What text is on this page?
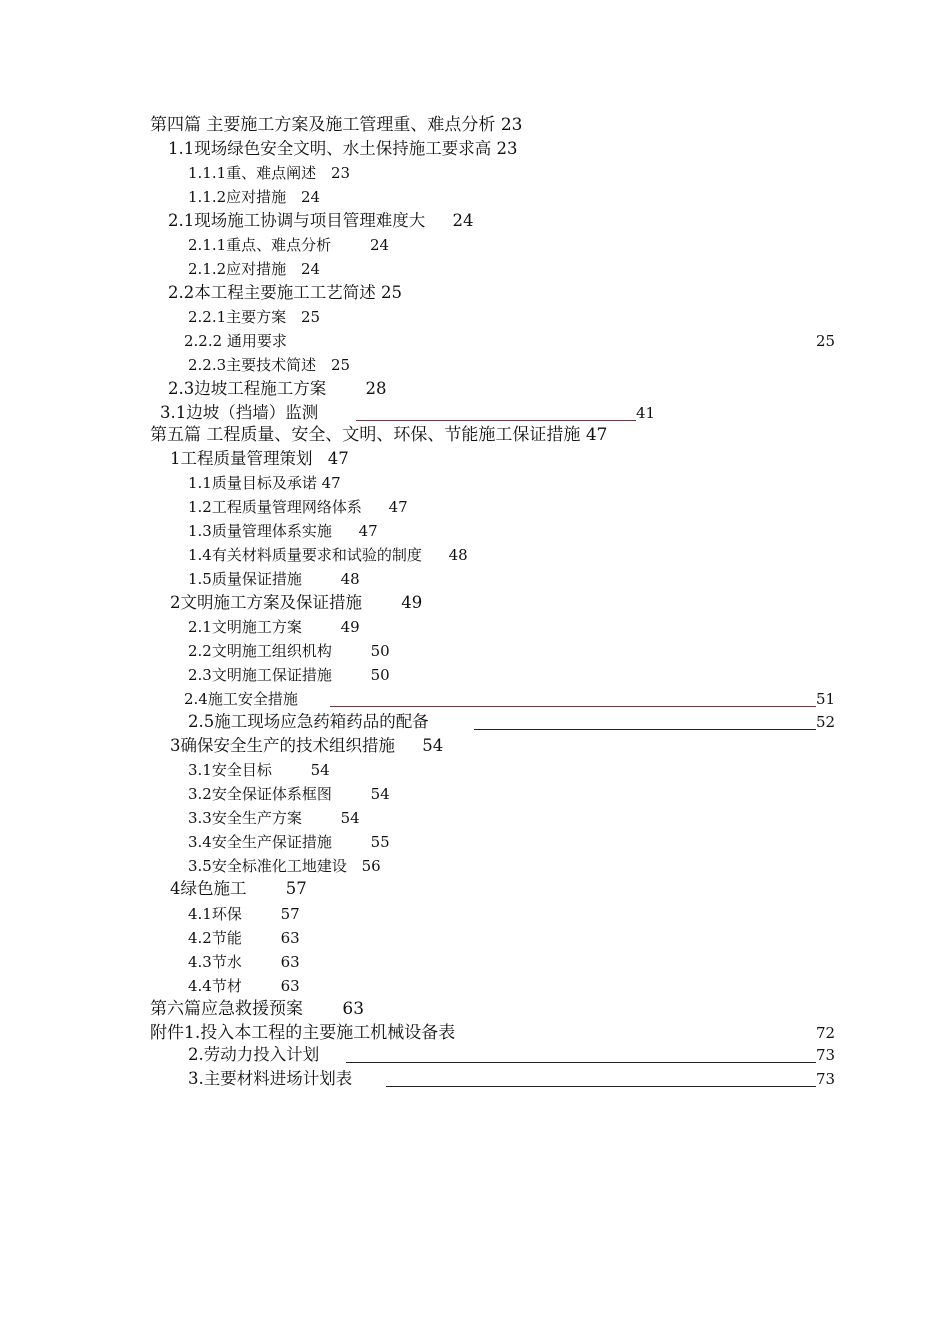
第四篇 主要施工方案及施工管理重、难点分析 23
1.1现场绿色安全文明、水土保持施工要求高 23
1.1.1重、难点阐述 23
1.1.2应对措施 24
2.1现场施工协调与项目管理难度大 24
2.1.1重点、难点分析	24
2.1.2应对措施 24
2.2本工程主要施工工艺简述 25
2.2.1主要方案 25
2.2.2 通用要求	25
2.2.3主要技术简述 25
2.3边坡工程施工方案 28
3.1边坡（挡墙）监测	41
第五篇 工程质量、安全、文明、环保、节能施工保证措施 47
1工程质量管理策划 47
1.1质量目标及承诺 47
1.2工程质量管理网络体系 47
1.3质量管理体系实施 47
1.4有关材料质量要求和试验的制度 48
1.5质量保证措施	48
2文明施工方案及保证措施 49
2.1文明施工方案	49
2.2文明施工组织机构	50
2.3文明施工保证措施	50
2.4施工安全措施	51
2.5施工现场应急药箱药品的配备	52
3确保安全生产的技术组织措施 54
3.1安全目标	54
3.2安全保证体系框图	54
3.3安全生产方案	54
3.4安全生产保证措施	55
3.5安全标准化工地建设 56
4绿色施工 57
4.1环保	57
4.2节能	63
4.3节水	63
4.4节材	63
第六篇应急救援预案 63
附件1.投入本工程的主要施工机械设备表	72
2.劳动力投入计划	73
3.主要材料进场计划表	73
